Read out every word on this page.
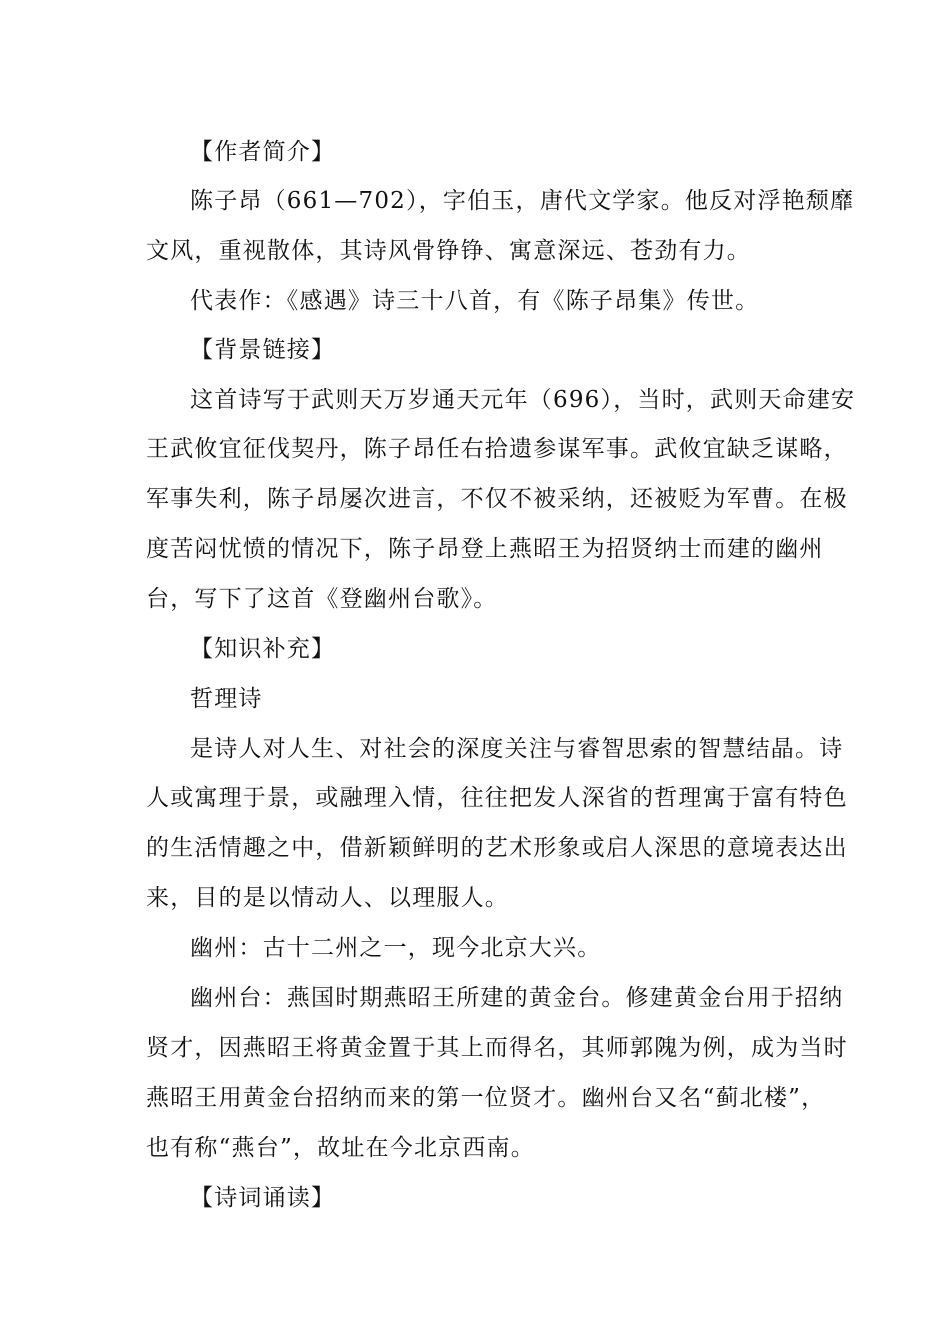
【作者简介】
陈子昂（661—702），字伯玉，唐代文学家。他反对浮艳颓靡
文风，重视散体，其诗风骨铮铮、寓意深远、苍劲有力。
代表作：《感遇》诗三十八首，有《陈子昂集》传世。
【背景链接】
这首诗写于武则天万岁通天元年（696），当时，武则天命建安
王武攸宜征伐契丹，陈子昂任右拾遗参谋军事。武攸宜缺乏谋略，
军事失利，陈子昂屡次进言，不仅不被采纳，还被贬为军曹。在极
度苦闷忧愤的情况下，陈子昂登上燕昭王为招贤纳士而建的幽州
台，写下了这首《登幽州台歌》。
【知识补充】
哲理诗
是诗人对人生、对社会的深度关注与睿智思索的智慧结晶。诗
人或寓理于景，或融理入情，往往把发人深省的哲理寓于富有特色
的生活情趣之中，借新颖鲜明的艺术形象或启人深思的意境表达出
来，目的是以情动人、以理服人。
幽州：古十二州之一，现今北京大兴。
幽州台：燕国时期燕昭王所建的黄金台。修建黄金台用于招纳
贤才，因燕昭王将黄金置于其上而得名，其师郭隗为例，成为当时
燕昭王用黄金台招纳而来的第一位贤才。幽州台又名“蓟北楼”，
也有称“燕台”，故址在今北京西南。
【诗词诵读】
